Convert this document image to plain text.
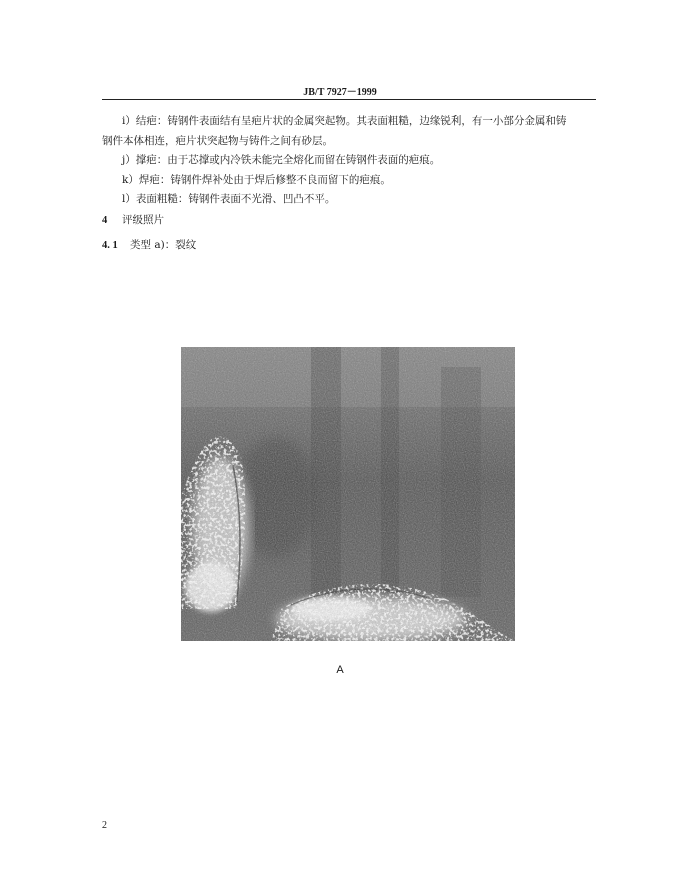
JB/T 7927－1999
i）结疤：铸钢件表面结有呈疤片状的金属突起物。其表面粗糙，边缘锐利，有一小部分金属和铸
钢件本体相连，疤片状突起物与铸件之间有砂层。
j）撑疤：由于芯撑或内冷铁未能完全熔化而留在铸钢件表面的疤痕。
k）焊疤：铸钢件焊补处由于焊后修整不良而留下的疤痕。
l）表面粗糙：铸钢件表面不光滑、凹凸不平。
4 评级照片
4. 1 类型 a)：裂纹
A
2
